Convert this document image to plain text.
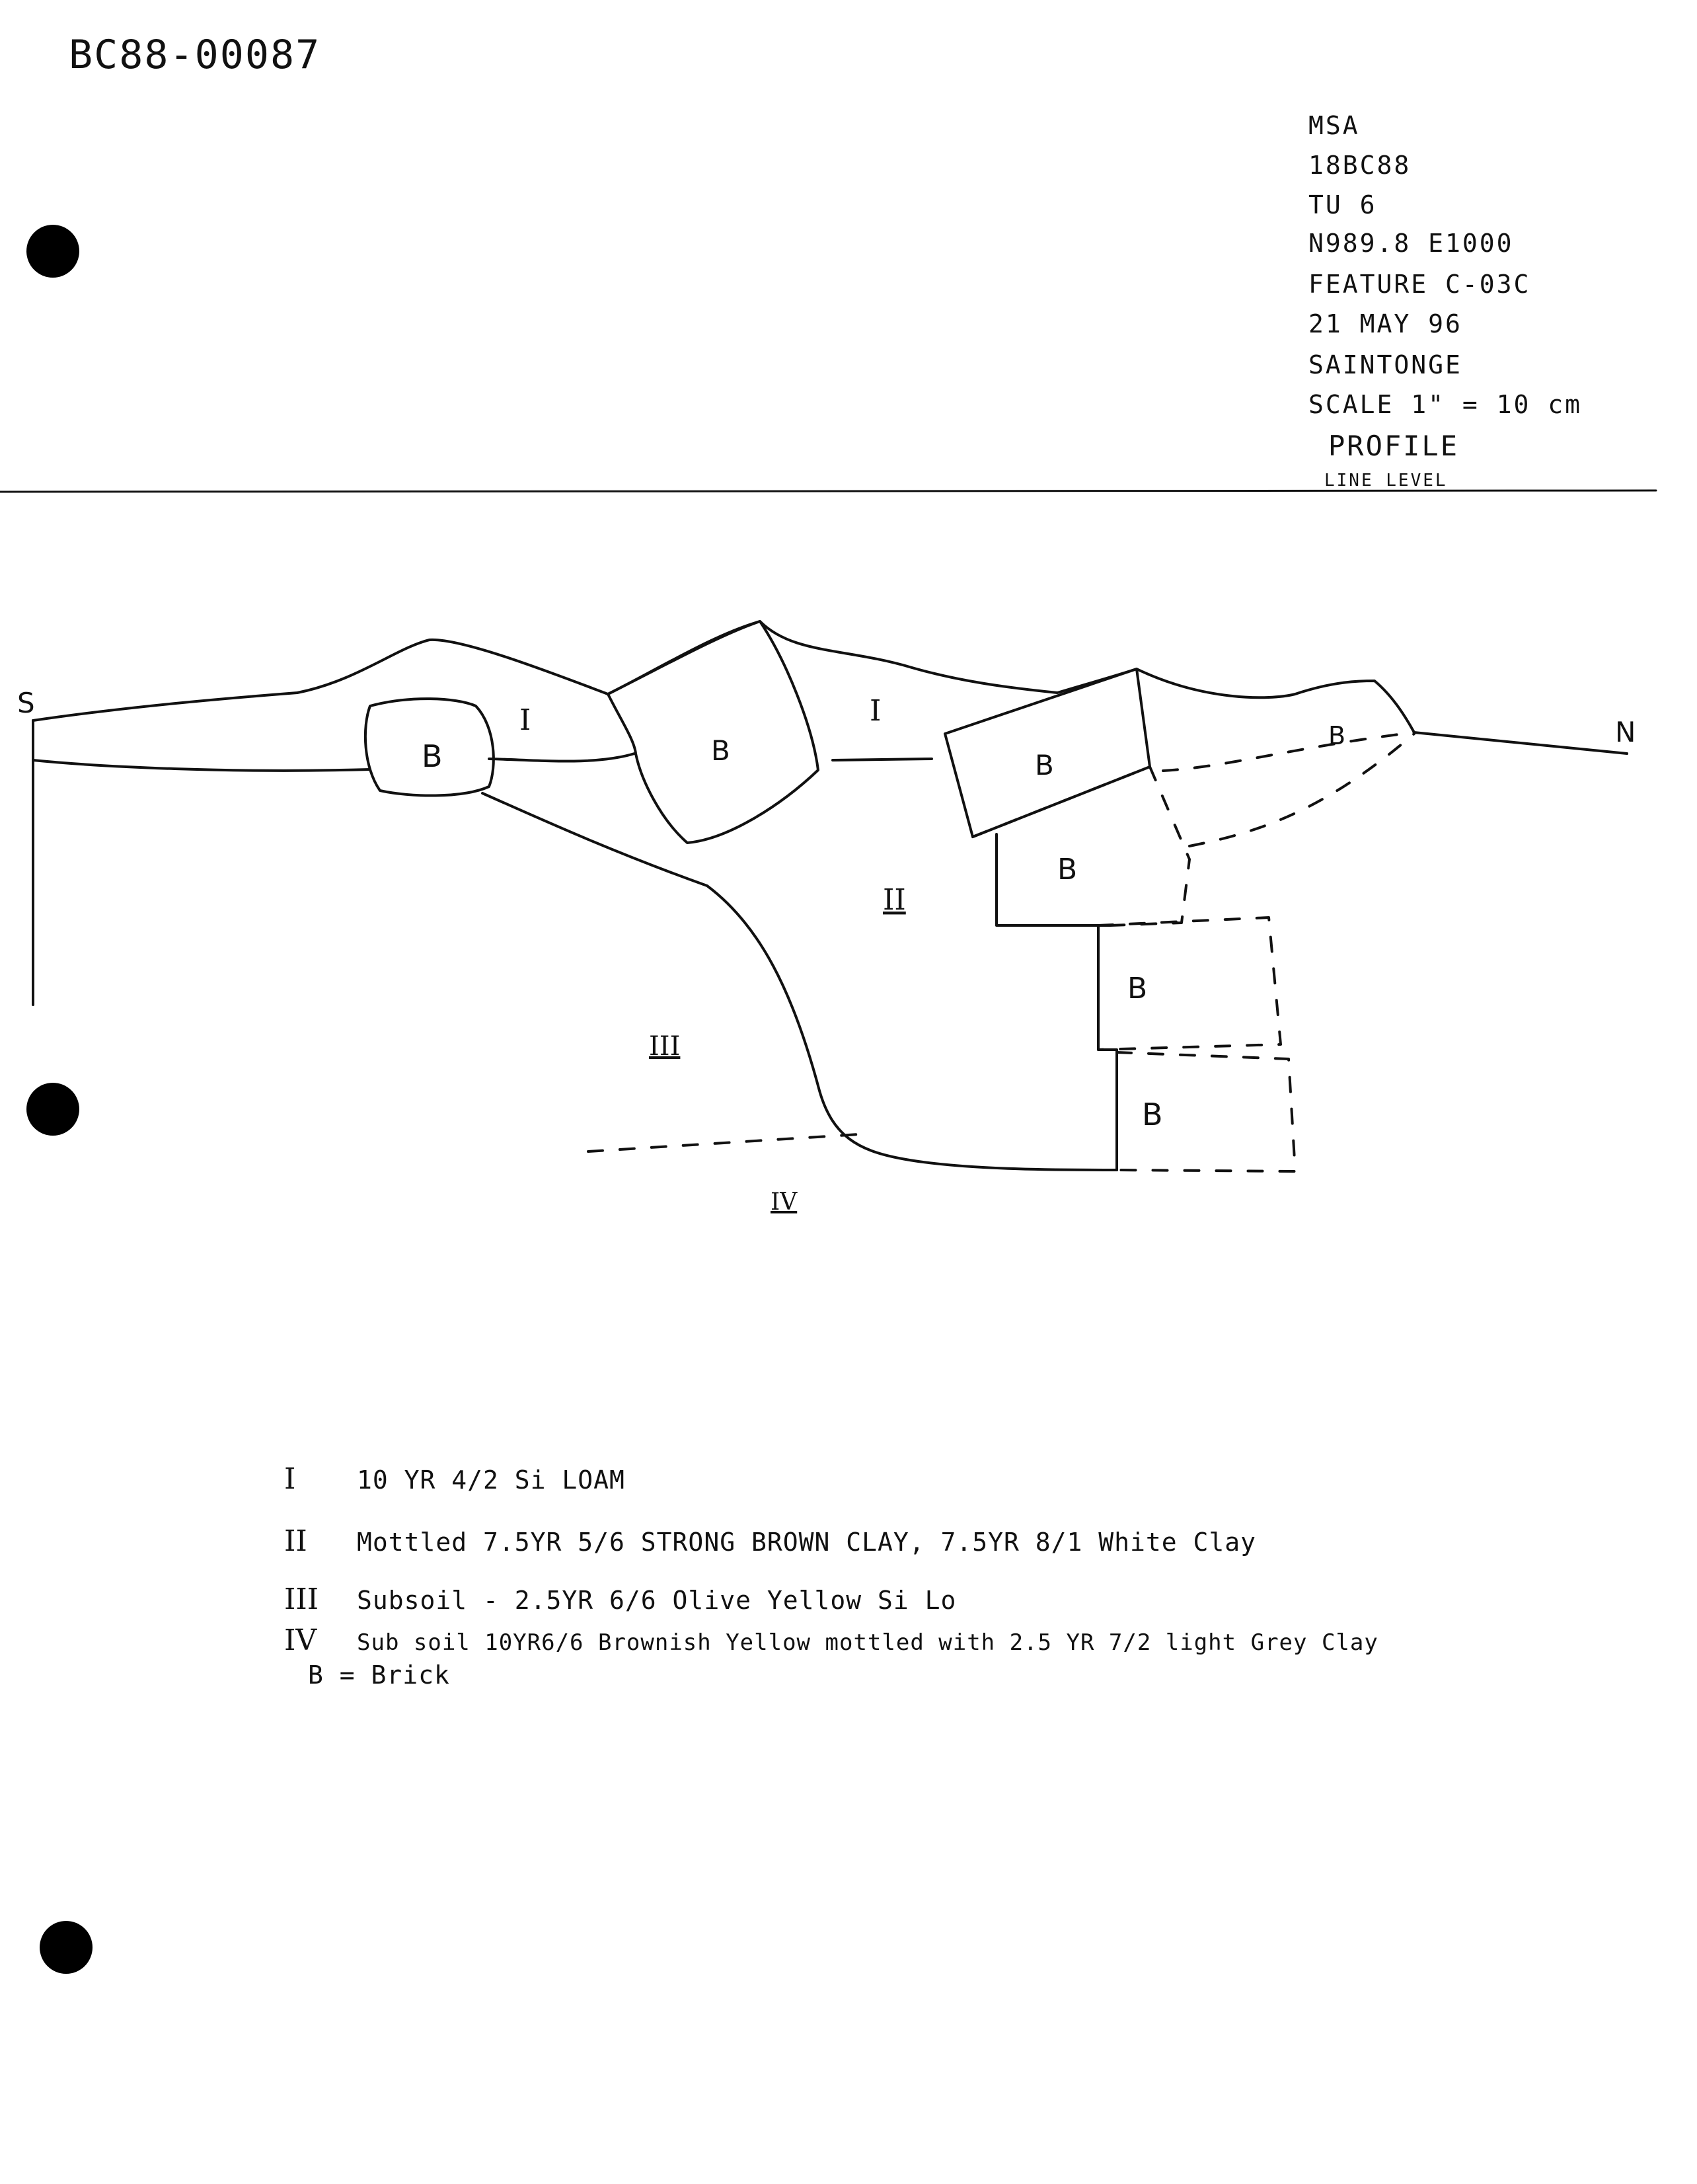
BC88-00087
MSA
18BC88
TU 6
N989.8 E1000
FEATURE C-03C
21 MAY 96
SAINTONGE
SCALE 1" = 10 cm
PROFILE
LINE LEVEL
S
N
B	B	B
B
B
B
B
I	I
II
III
IV
I 10 YR 4/2 Si LOAM
II Mottled 7.5YR 5/6 STRONG BROWN CLAY, 7.5YR 8/1 White Clay
III Subsoil - 2.5YR 6/6 Olive Yellow Si Lo
IV Sub soil 10YR6/6 Brownish Yellow mottled with 2.5 YR 7/2 light Grey Clay
B = Brick
